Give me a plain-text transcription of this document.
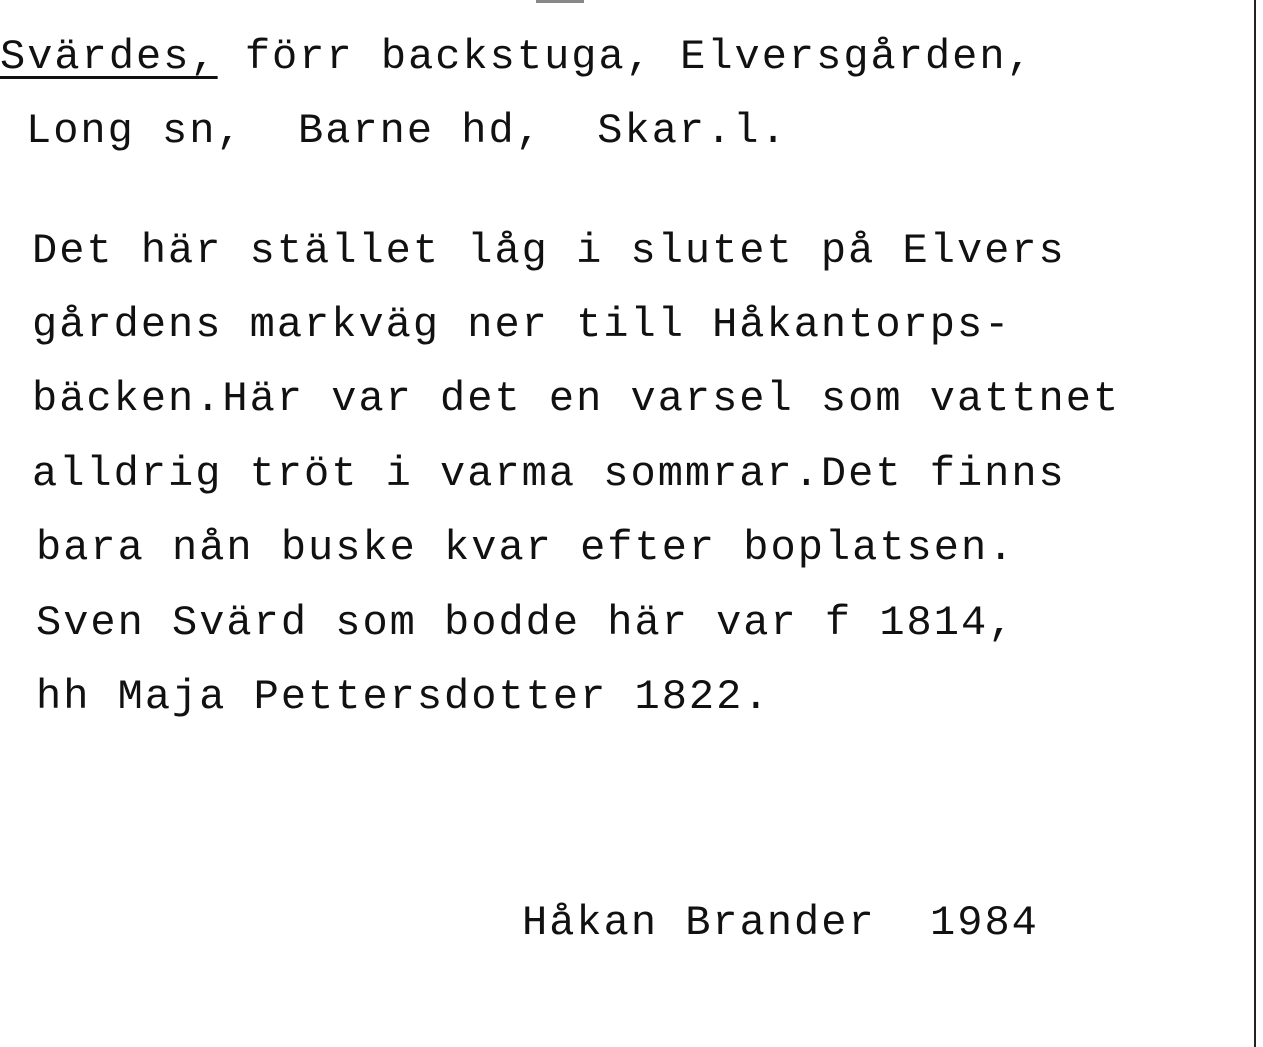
Svärdes, förr backstuga, Elversgården,
Long sn,  Barne hd,  Skar.l.
Det här stället låg i slutet på Elvers
gårdens markväg ner till Håkantorps-
bäcken.Här var det en varsel som vattnet
alldrig tröt i varma sommrar.Det finns
bara nån buske kvar efter boplatsen.
Sven Svärd som bodde här var f 1814,
hh Maja Pettersdotter 1822.
Håkan Brander  1984
